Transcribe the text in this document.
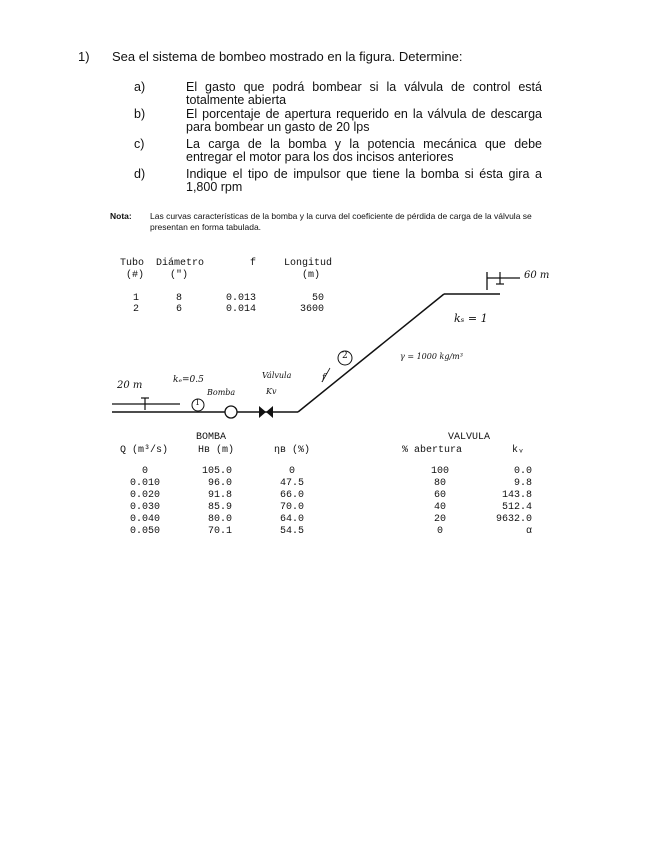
1) Sea el sistema de bombeo mostrado en la figura. Determine:
a)	El gasto que podrá bombear si la válvula de control está totalmente abierta
b)	El porcentaje de apertura requerido en la válvula de descarga para bombear un gasto de 20 lps
c)	La carga de la bomba y la potencia mecánica que debe entregar el motor para los dos incisos anteriores
d)	Indique el tipo de impulsor que tiene la bomba si ésta gira a 1,800 rpm
Nota: Las curvas características de la bomba y la curva del coeficiente de pérdida de carga de la válvula se presentan en forma tabulada.
Tubo Diámetro	f	Longitud
(#)	(")	(m)
1	8	0.013	50
2	6	0.014	3600
20 m
60 m
kₑ=0.5
kₛ = 1
Bomba
Válvula
Kv
1
2
f
γ = 1000 kg/m³
BOMBA
Q (m³/s)	Hв (m)	ηв (%)
0	105.0	0
0.010	96.0	47.5
0.020	91.8	66.0
0.030	85.9	70.0
0.040	80.0	64.0
0.050	70.1	54.5
VALVULA
% abertura	kᵥ
100	0.0
80	9.8
60	143.8
40	512.4
20	9632.0
0	α
